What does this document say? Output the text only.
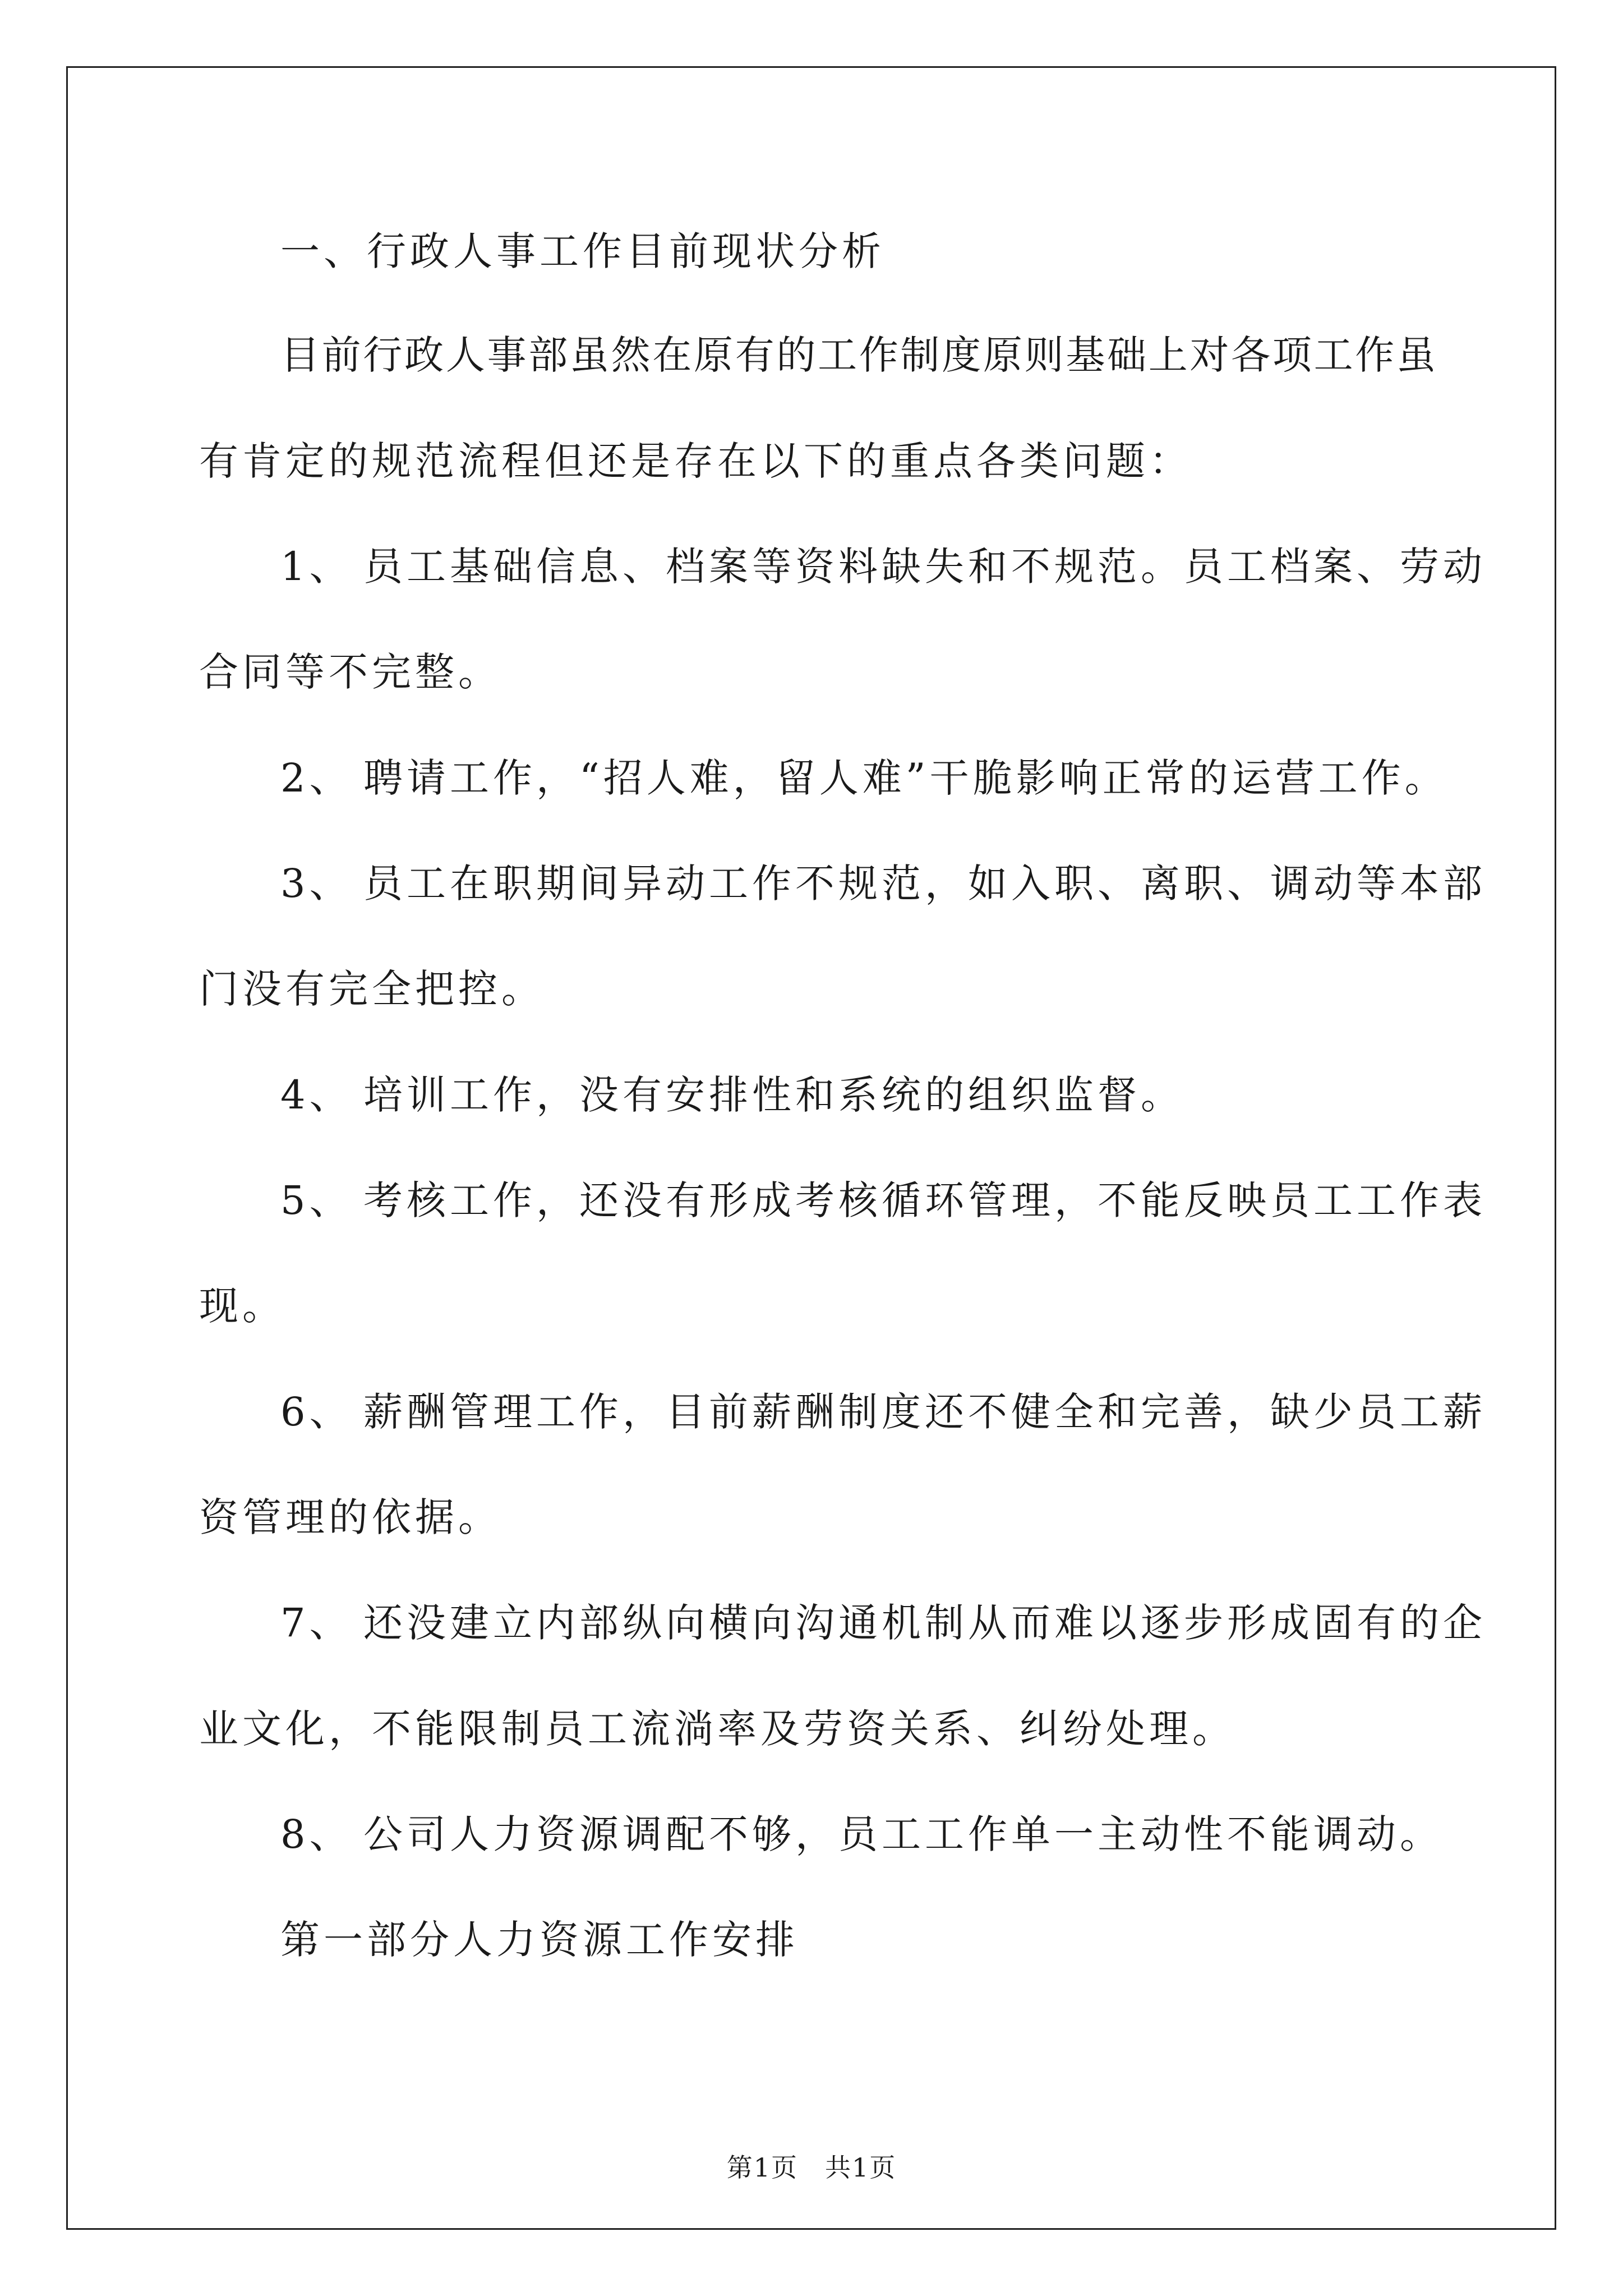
一、行政人事工作目前现状分析
目前行政人事部虽然在原有的工作制度原则基础上对各项工作虽
有肯定的规范流程但还是存在以下的重点各类问题：
1、 员工基础信息、档案等资料缺失和不规范。员工档案、劳动
合同等不完整。
2、 聘请工作，“招人难，留人难”干脆影响正常的运营工作。
3、 员工在职期间异动工作不规范，如入职、离职、调动等本部
门没有完全把控。
4、 培训工作，没有安排性和系统的组织监督。
5、 考核工作，还没有形成考核循环管理，不能反映员工工作表
现。
6、 薪酬管理工作，目前薪酬制度还不健全和完善，缺少员工薪
资管理的依据。
7、 还没建立内部纵向横向沟通机制从而难以逐步形成固有的企
业文化，不能限制员工流淌率及劳资关系、纠纷处理。
8、 公司人力资源调配不够，员工工作单一主动性不能调动。
第一部分人力资源工作安排
第1页　共1页
